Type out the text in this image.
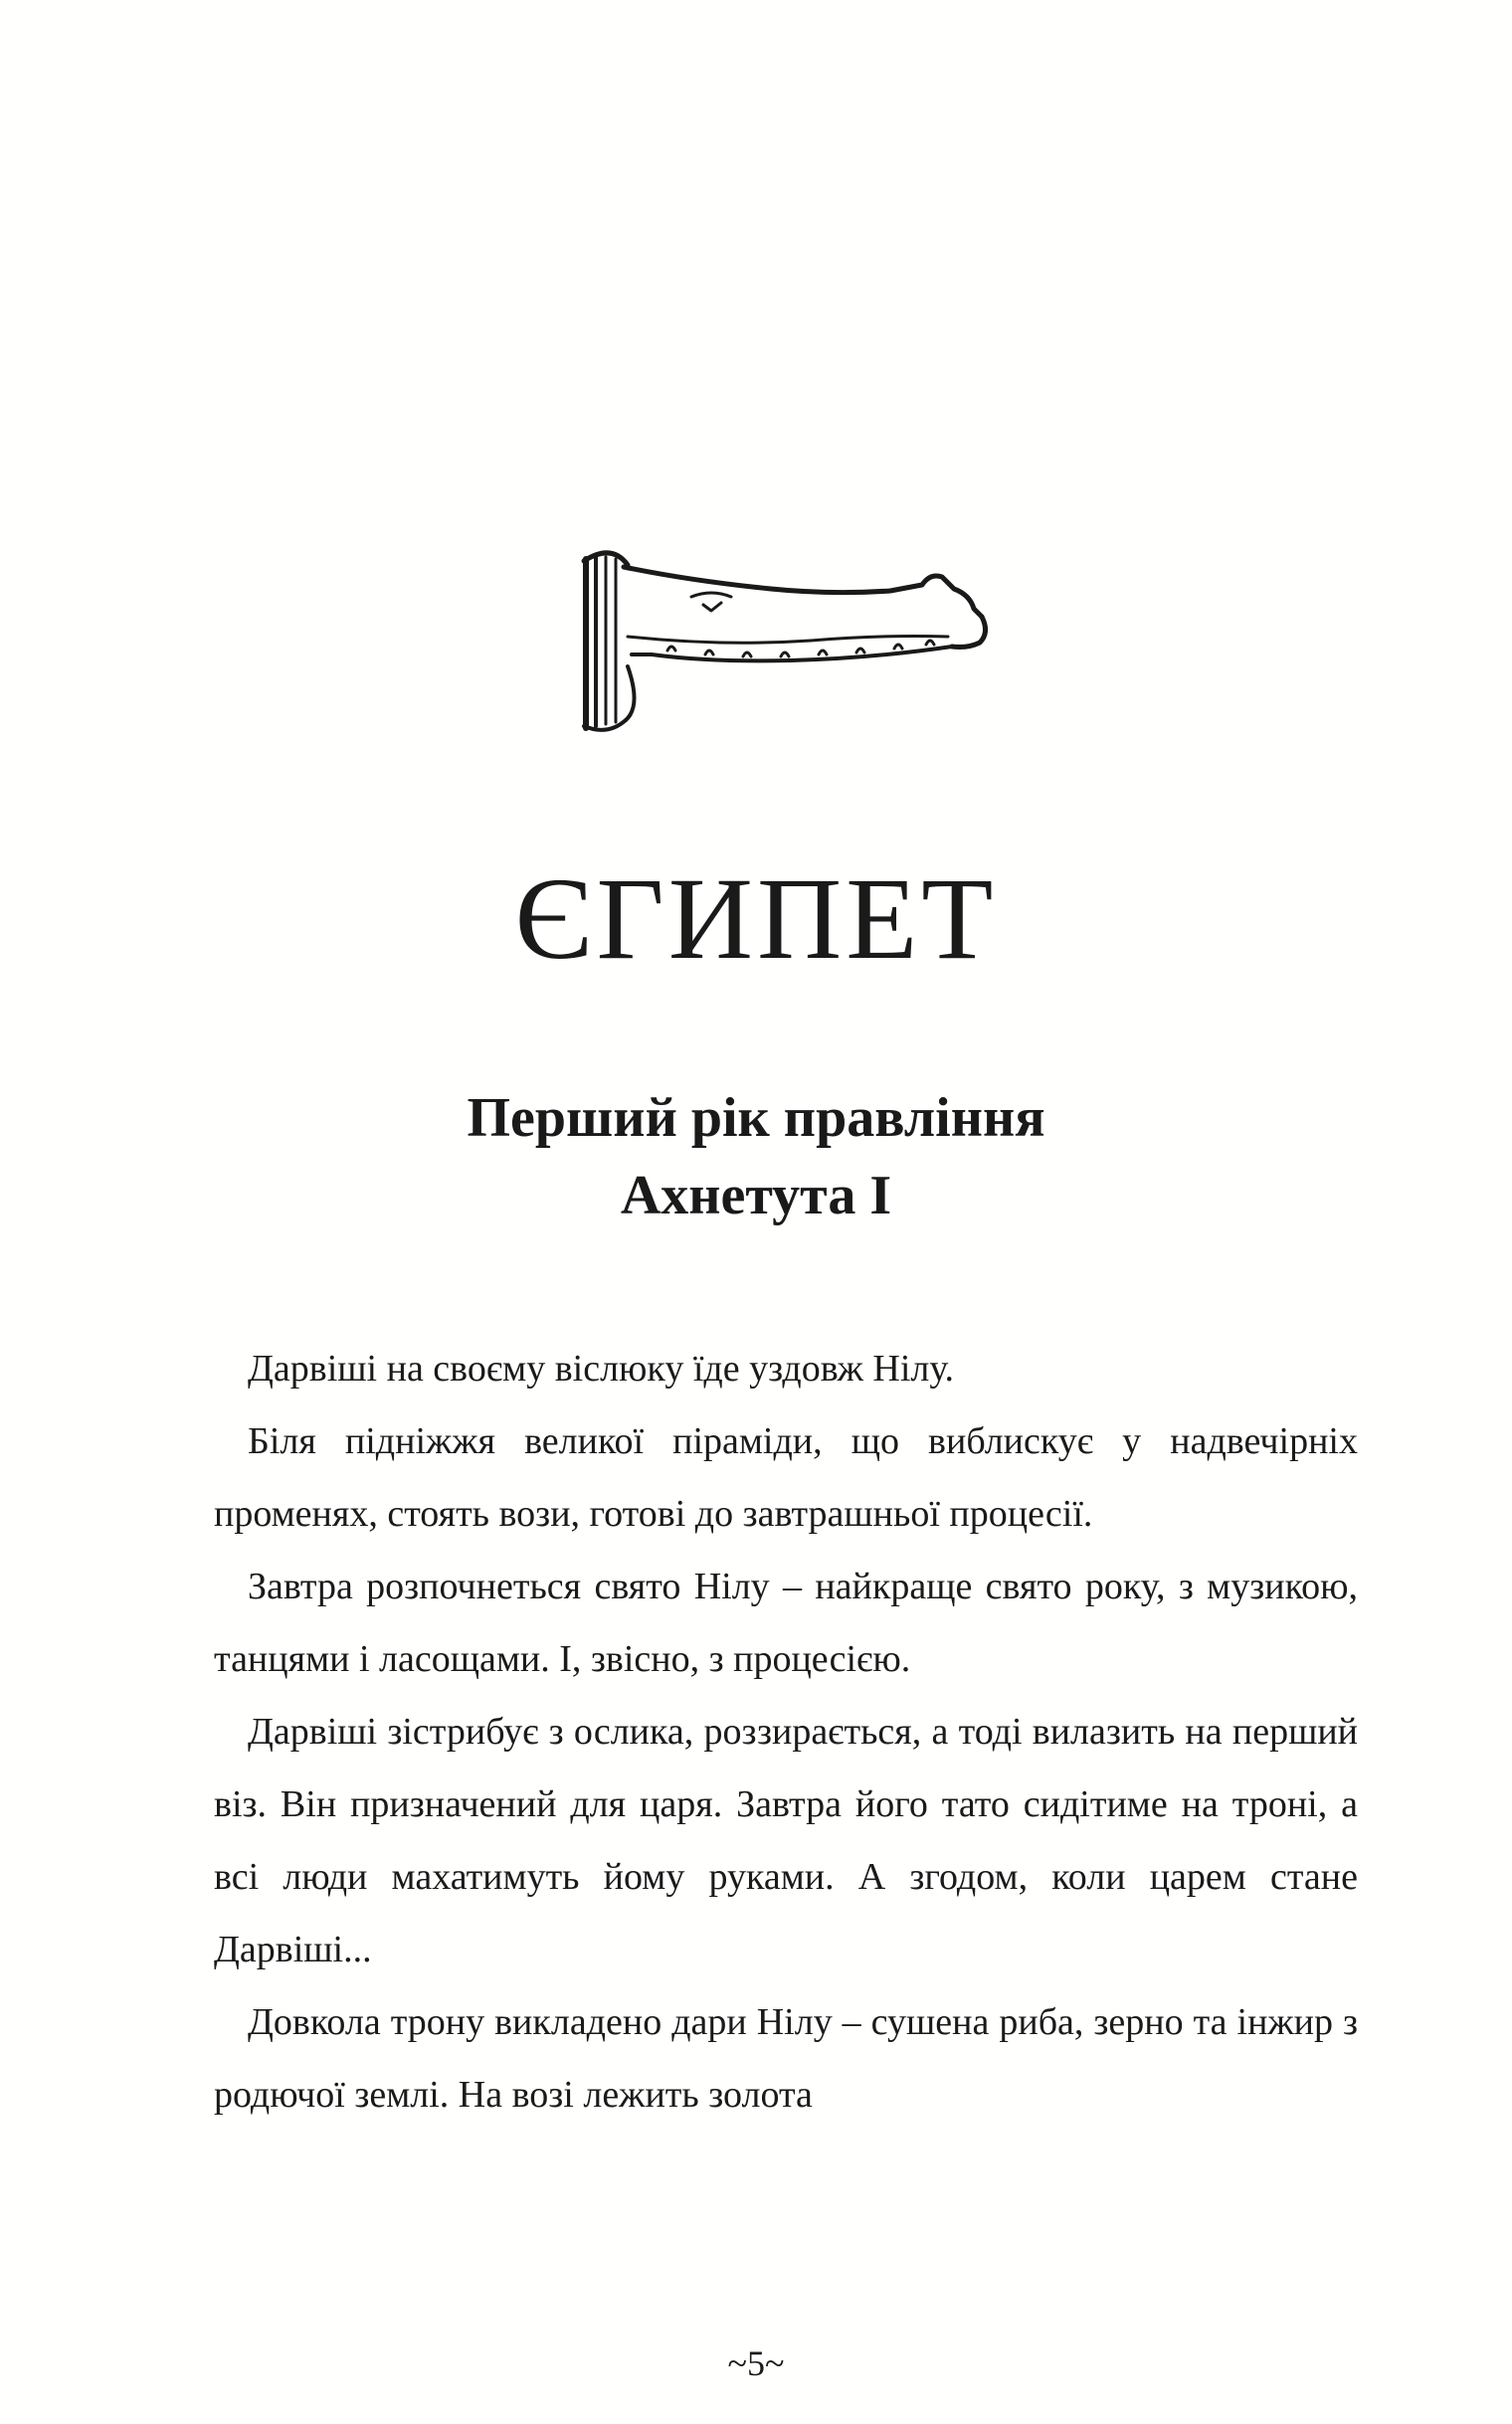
ЄГИПЕТ
Перший рік правління
Ахнетута І

Дарвіші на своєму віслюку їде уздовж Нілу.

Біля підніжжя великої піраміди, що виблискує у надвечірніх променях, стоять вози, готові до завтрашньої процесії.

Завтра розпочнеться свято Нілу – найкраще свято року, з музикою, танцями і ласощами. І, звісно, з процесією.

Дарвіші зістрибує з ослика, роззирається, а тоді вилазить на перший віз. Він призначений для царя. Завтра його тато сидітиме на троні, а всі люди махатимуть йому руками. А згодом, коли царем стане Дарвіші...

Довкола трону викладено дари Нілу – сушена риба, зерно та інжир з родючої землі. На возі лежить золота

~5~
